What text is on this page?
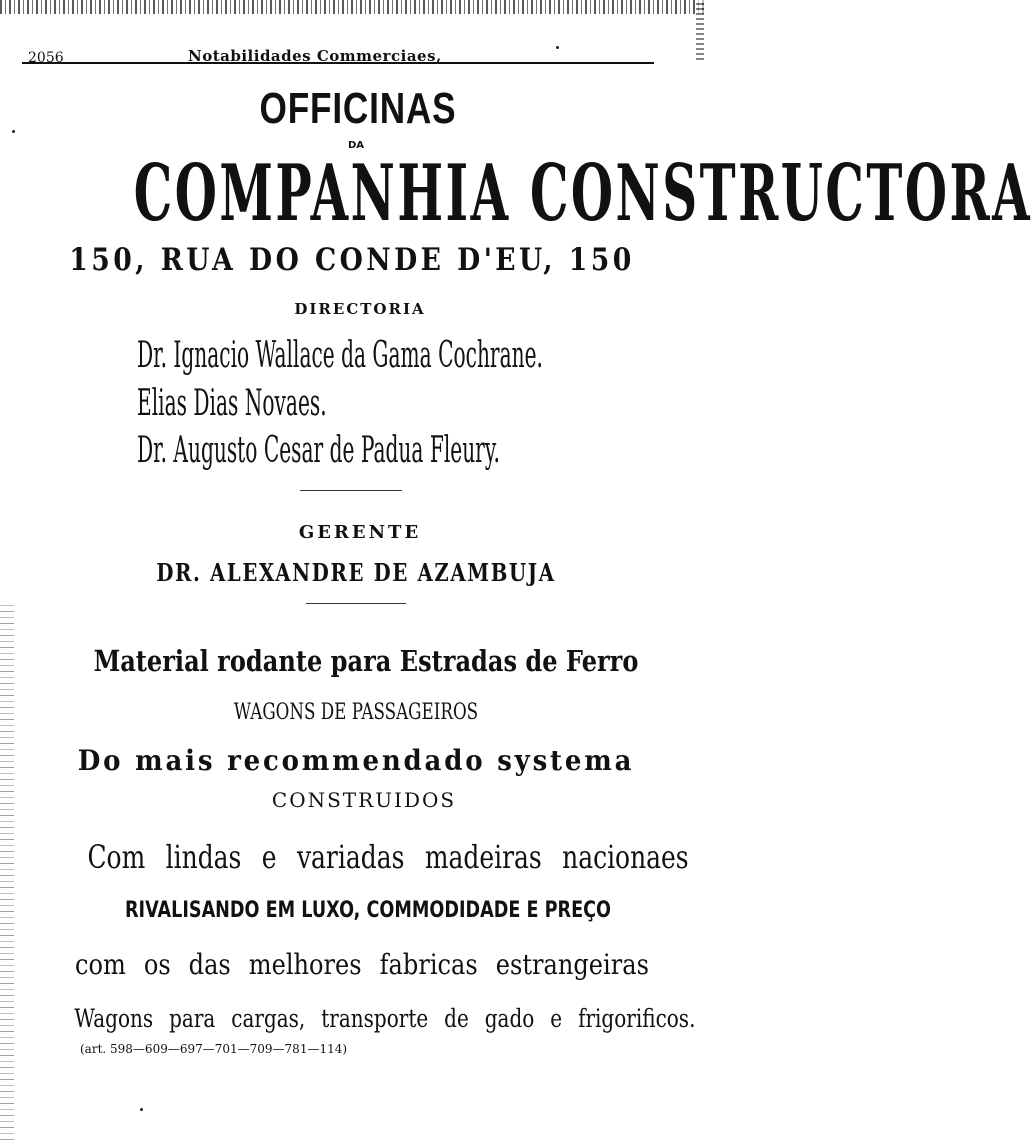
2056	Notabilidades Commerciaes,
OFFICINAS
DA
COMPANHIA CONSTRUCTORA
150, RUA DO CONDE D'EU, 150
DIRECTORIA
Dr. Ignacio Wallace da Gama Cochrane.
Elias Dias Novaes.
Dr. Augusto Cesar de Padua Fleury.
GERENTE
DR. ALEXANDRE DE AZAMBUJA
Material rodante para Estradas de Ferro
WAGONS DE PASSAGEIROS
Do mais recommendado systema
CONSTRUIDOS
Com lindas e variadas madeiras nacionaes
RIVALISANDO EM LUXO, COMMODIDADE E PREÇO
com os das melhores fabricas estrangeiras
Wagons para cargas, transporte de gado e frigorificos.
(art. 598—609—697—701—709—781—114)
